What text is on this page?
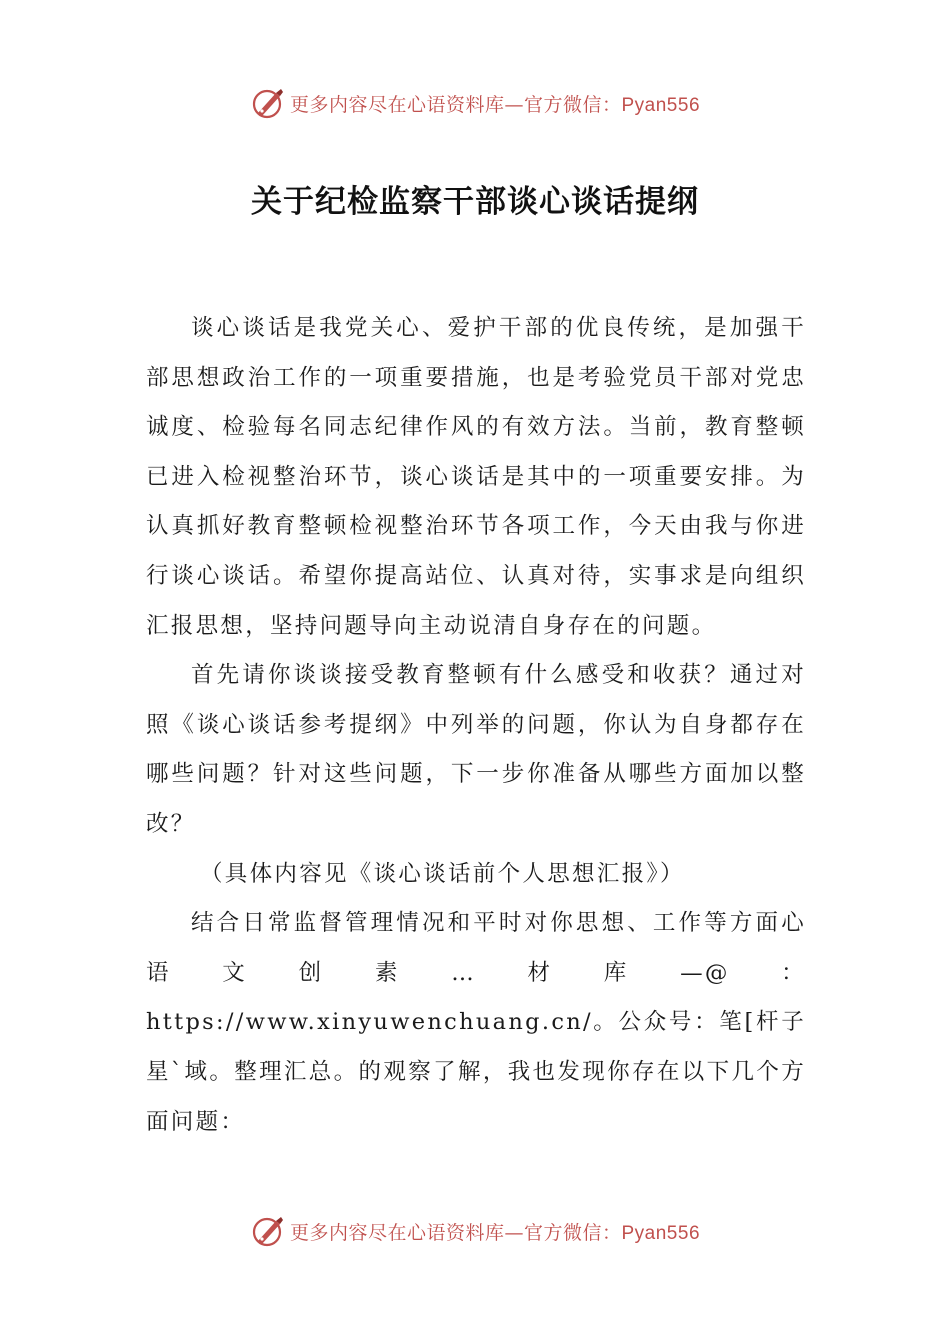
更多内容尽在心语资料库—官方微信：Pyan556
关于纪检监察干部谈心谈话提纲

谈心谈话是我党关心、爱护干部的优良传统，是加强干部思想政治工作的一项重要措施，也是考验党员干部对党忠诚度、检验每名同志纪律作风的有效方法。当前，教育整顿已进入检视整治环节，谈心谈话是其中的一项重要安排。为认真抓好教育整顿检视整治环节各项工作，今天由我与你进行谈心谈话。希望你提高站位、认真对待，实事求是向组织汇报思想，坚持问题导向主动说清自身存在的问题。

首先请你谈谈接受教育整顿有什么感受和收获？通过对照《谈心谈话参考提纲》中列举的问题，你认为自身都存在哪些问题？针对这些问题，下一步你准备从哪些方面加以整改？

（具体内容见《谈心谈话前个人思想汇报》）

结合日常监督管理情况和平时对你思想、工作等方面心语文创素…材库—@：https://www.xinyuwenchuang.cn/。公众号：笔[杆子星`域。整理汇总。的观察了解，我也发现你存在以下几个方面问题：

更多内容尽在心语资料库—官方微信：Pyan556
